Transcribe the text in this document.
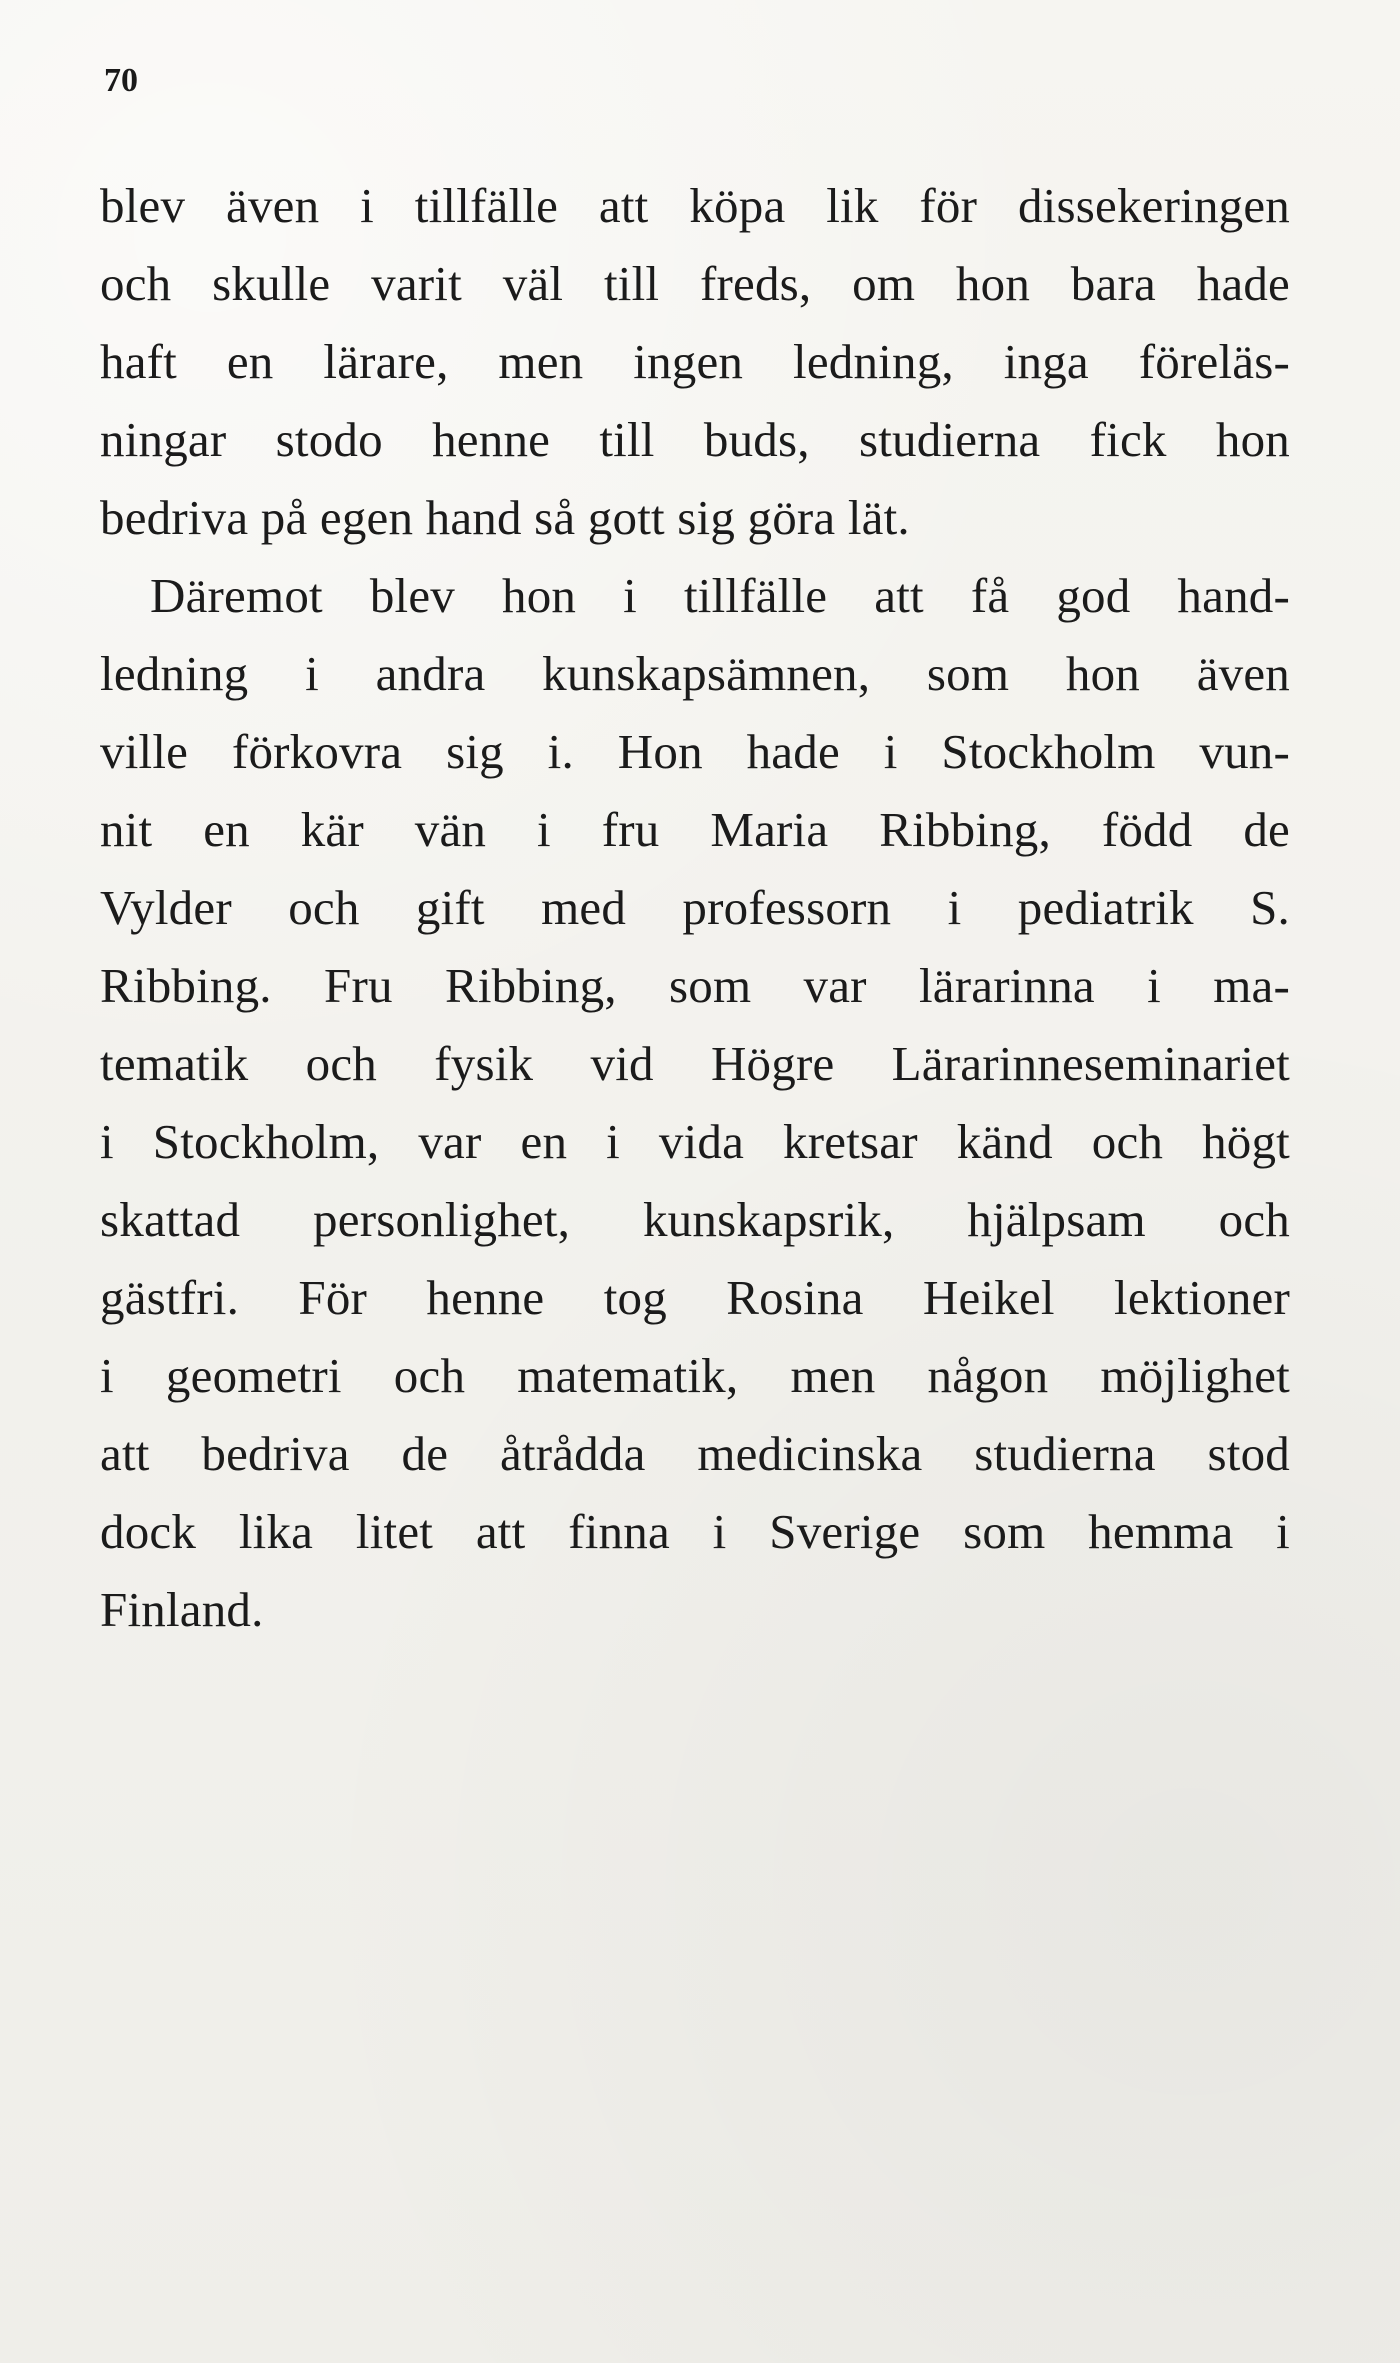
70
blev även i tillfälle att köpa lik för dissekeringen
och skulle varit väl till freds, om hon bara hade
haft en lärare, men ingen ledning, inga föreläs-
ningar stodo henne till buds, studierna fick hon
bedriva på egen hand så gott sig göra lät.
Däremot blev hon i tillfälle att få god hand-
ledning i andra kunskapsämnen, som hon även
ville förkovra sig i. Hon hade i Stockholm vun-
nit en kär vän i fru Maria Ribbing, född de
Vylder och gift med professorn i pediatrik S.
Ribbing. Fru Ribbing, som var lärarinna i ma-
tematik och fysik vid Högre Lärarinneseminariet
i Stockholm, var en i vida kretsar känd och högt
skattad personlighet, kunskapsrik, hjälpsam och
gästfri. För henne tog Rosina Heikel lektioner
i geometri och matematik, men någon möjlighet
att bedriva de åtrådda medicinska studierna stod
dock lika litet att finna i Sverige som hemma i
Finland.
